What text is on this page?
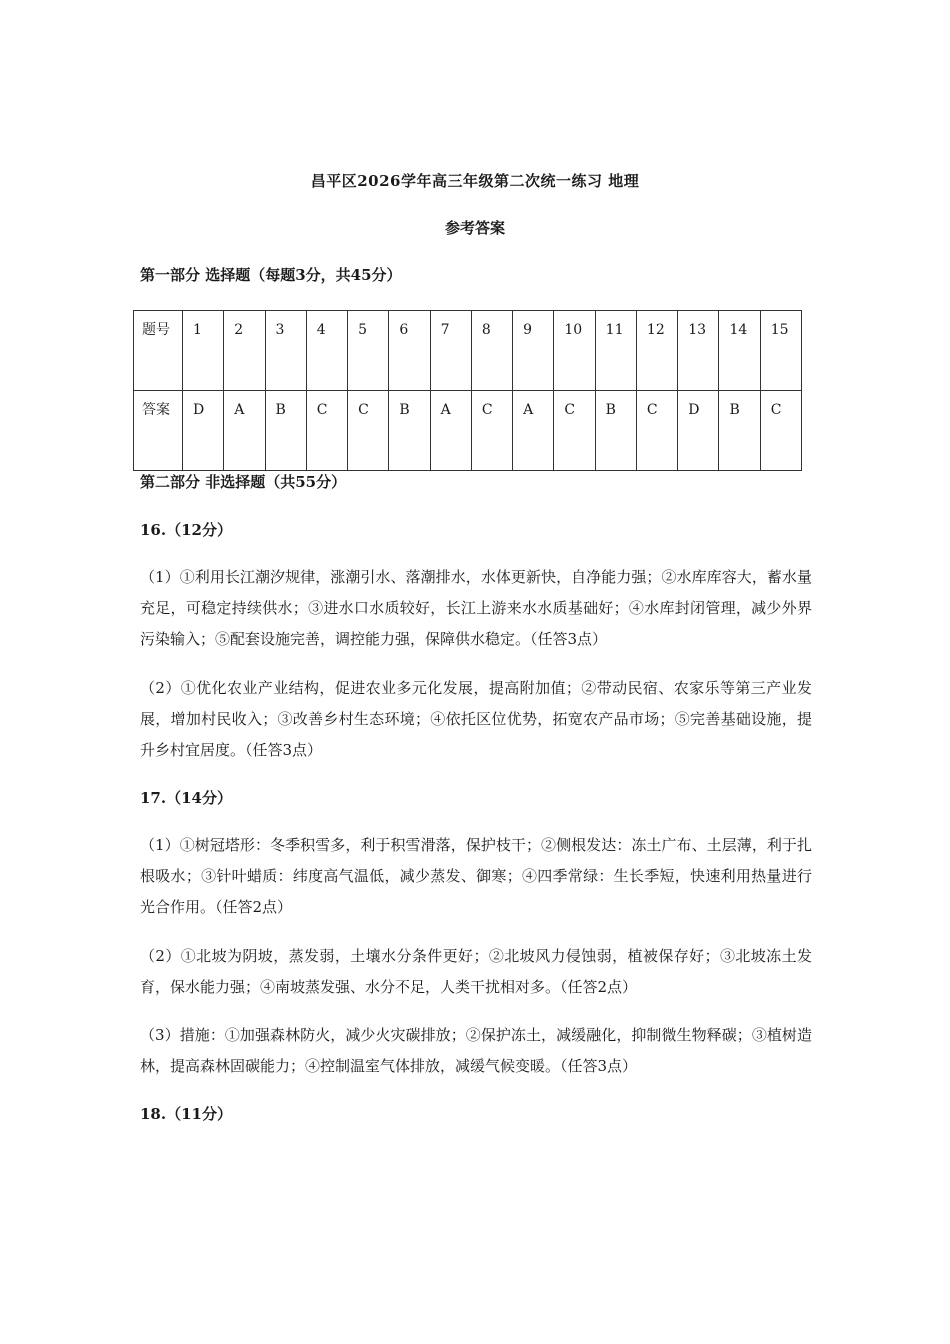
昌平区2026学年高三年级第二次统一练习 地理
参考答案
第一部分 选择题（每题3分，共45分）
题号	1	2	3	4	5	6	7	8	9	10	11	12	13	14	15
答案	D	A	B	C	C	B	A	C	A	C	B	C	D	B	C
第二部分 非选择题（共55分）
16.（12分）
（1）①利用长江潮汐规律，涨潮引水、落潮排水，水体更新快，自净能力强；②水库库容大，蓄水量充足，可稳定持续供水；③进水口水质较好，长江上游来水水质基础好；④水库封闭管理，减少外界污染输入；⑤配套设施完善，调控能力强，保障供水稳定。（任答3点）
（2）①优化农业产业结构，促进农业多元化发展，提高附加值；②带动民宿、农家乐等第三产业发展，增加村民收入；③改善乡村生态环境；④依托区位优势，拓宽农产品市场；⑤完善基础设施，提升乡村宜居度。（任答3点）
17.（14分）
（1）①树冠塔形：冬季积雪多，利于积雪滑落，保护枝干；②侧根发达：冻土广布、土层薄，利于扎根吸水；③针叶蜡质：纬度高气温低，减少蒸发、御寒；④四季常绿：生长季短，快速利用热量进行光合作用。（任答2点）
（2）①北坡为阴坡，蒸发弱，土壤水分条件更好；②北坡风力侵蚀弱，植被保存好；③北坡冻土发育，保水能力强；④南坡蒸发强、水分不足，人类干扰相对多。（任答2点）
（3）措施：①加强森林防火，减少火灾碳排放；②保护冻土，减缓融化，抑制微生物释碳；③植树造林，提高森林固碳能力；④控制温室气体排放，减缓气候变暖。（任答3点）
18.（11分）
